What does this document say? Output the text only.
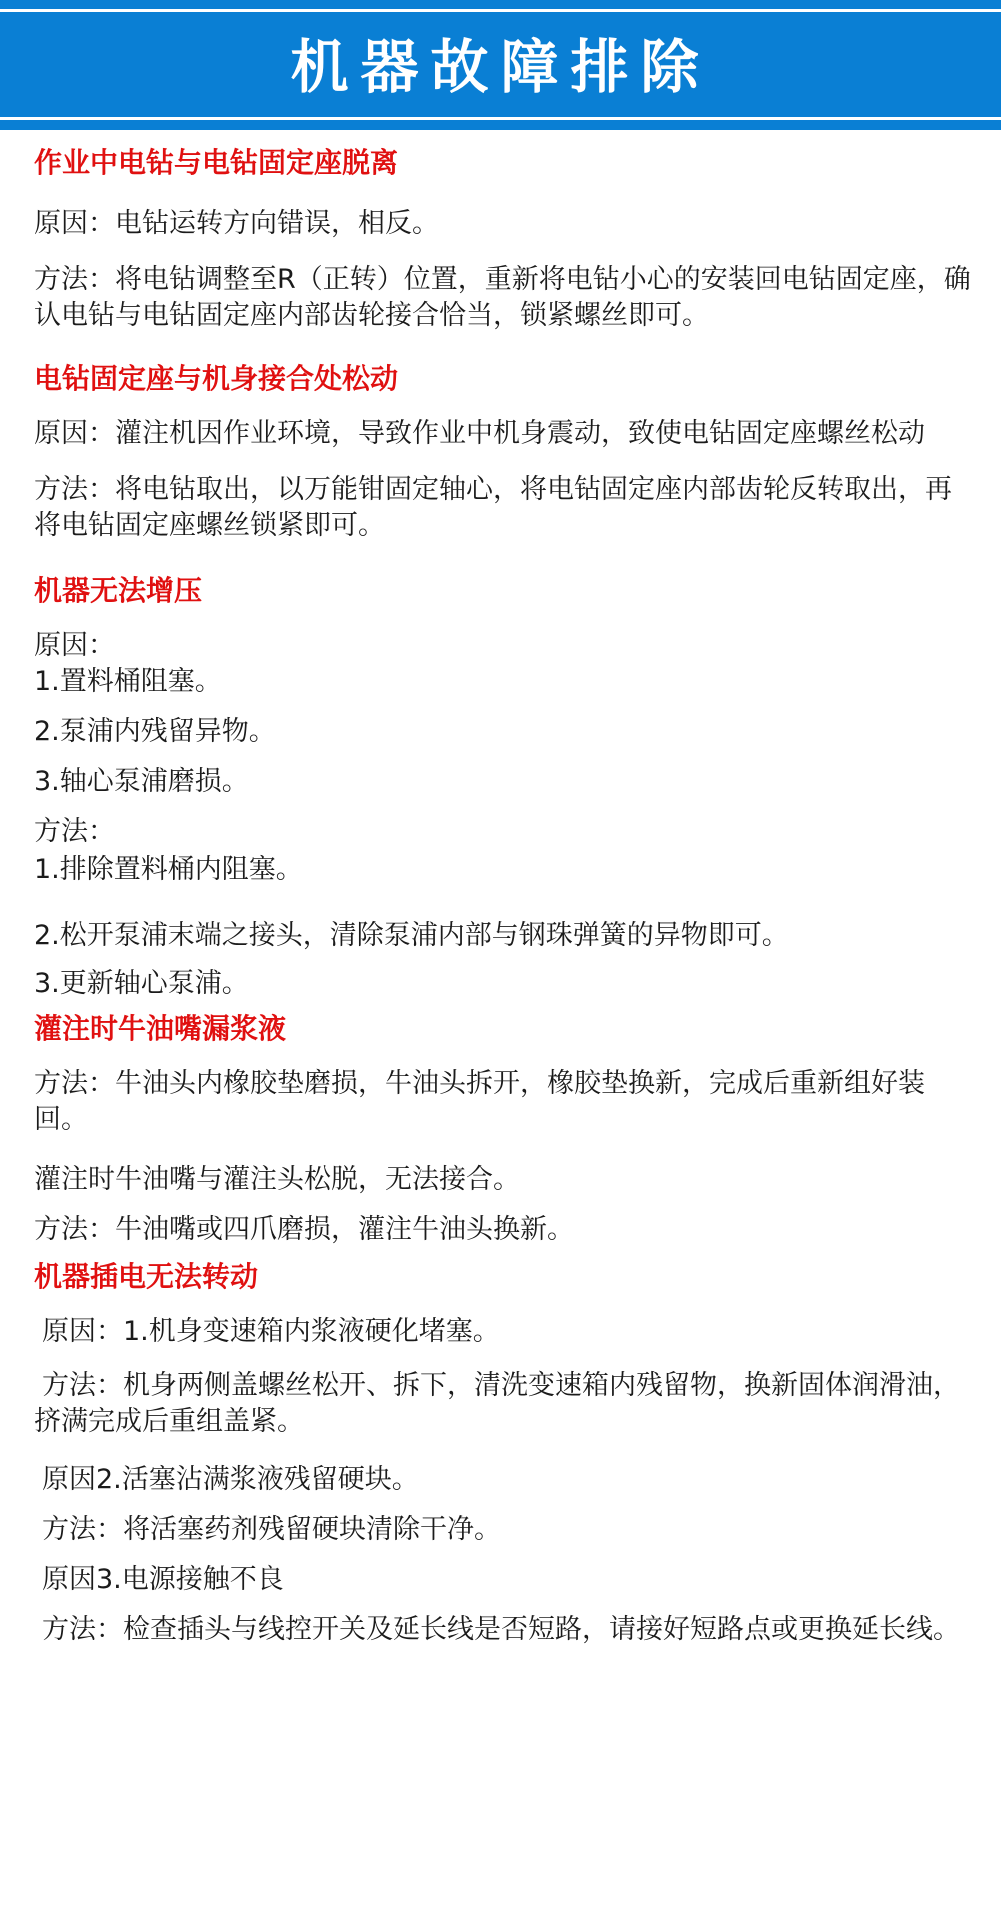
机器故障排除
作业中电钻与电钻固定座脱离
原因：电钻运转方向错误，相反。
方法：将电钻调整至R（正转）位置，重新将电钻小心的安装回电钻固定座，确认电钻与电钻固定座内部齿轮接合恰当，锁紧螺丝即可。
电钻固定座与机身接合处松动
原因：灌注机因作业环境，导致作业中机身震动，致使电钻固定座螺丝松动
方法：将电钻取出，以万能钳固定轴心，将电钻固定座内部齿轮反转取出，再将电钻固定座螺丝锁紧即可。
机器无法增压
原因：
1.置料桶阻塞。
2.泵浦内残留异物。
3.轴心泵浦磨损。
方法：
1.排除置料桶内阻塞。
2.松开泵浦末端之接头，清除泵浦内部与钢珠弹簧的异物即可。
3.更新轴心泵浦。
灌注时牛油嘴漏浆液
方法：牛油头内橡胶垫磨损，牛油头拆开，橡胶垫换新，完成后重新组好装回。
灌注时牛油嘴与灌注头松脱，无法接合。
方法：牛油嘴或四爪磨损，灌注牛油头换新。
机器插电无法转动
原因：1.机身变速箱内浆液硬化堵塞。
方法：机身两侧盖螺丝松开、拆下，清洗变速箱内残留物，换新固体润滑油，挤满完成后重组盖紧。
原因2.活塞沾满浆液残留硬块。
方法：将活塞药剂残留硬块清除干净。
原因3.电源接触不良
方法：检查插头与线控开关及延长线是否短路，请接好短路点或更换延长线。
